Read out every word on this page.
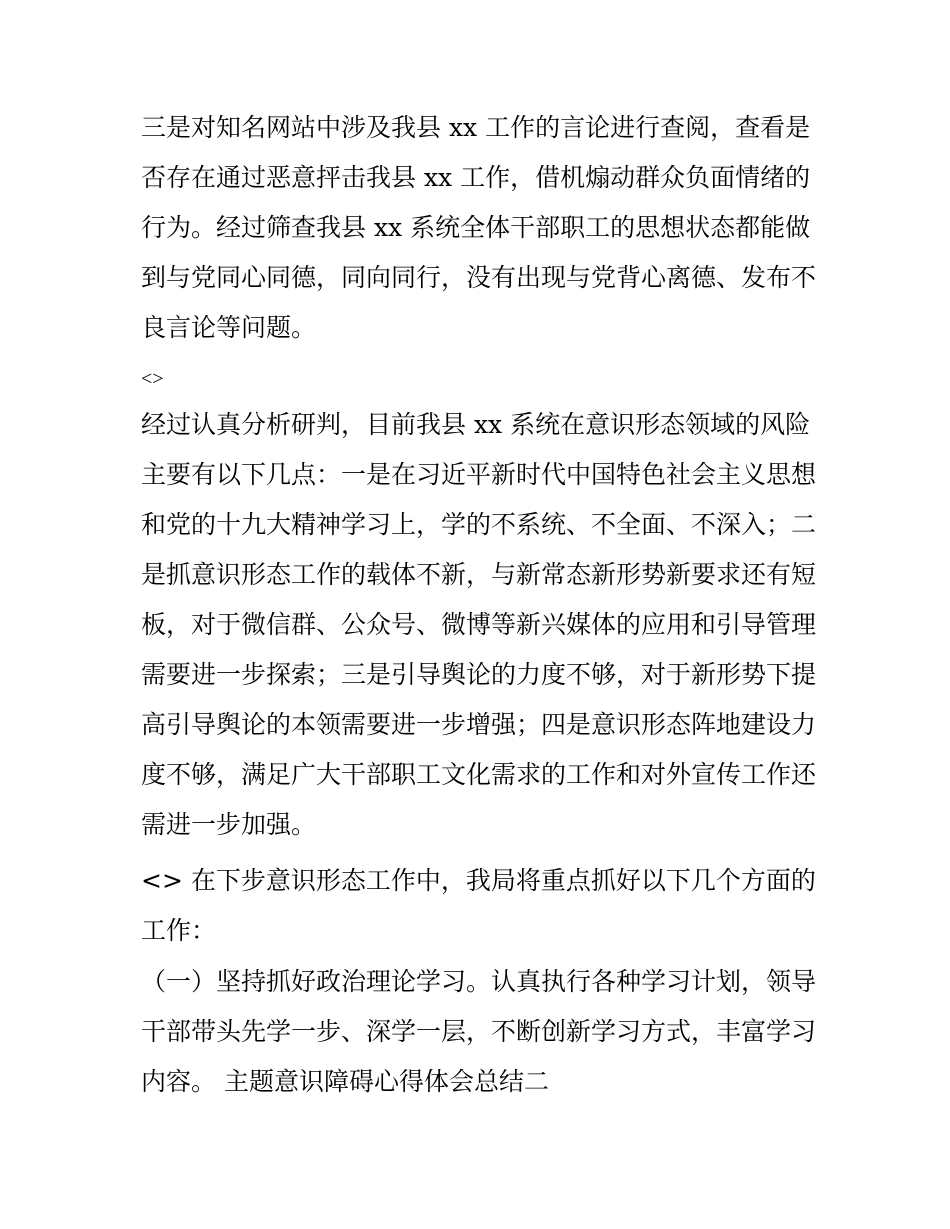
三是对知名网站中涉及我县 xx 工作的言论进行查阅，查看是
否存在通过恶意抨击我县 xx 工作，借机煽动群众负面情绪的
行为。经过筛查我县 xx 系统全体干部职工的思想状态都能做
到与党同心同德，同向同行，没有出现与党背心离德、发布不
良言论等问题。
<>
经过认真分析研判，目前我县 xx 系统在意识形态领域的风险
主要有以下几点：一是在习近平新时代中国特色社会主义思想
和党的十九大精神学习上，学的不系统、不全面、不深入；二
是抓意识形态工作的载体不新，与新常态新形势新要求还有短
板，对于微信群、公众号、微博等新兴媒体的应用和引导管理
需要进一步探索；三是引导舆论的力度不够，对于新形势下提
高引导舆论的本领需要进一步增强；四是意识形态阵地建设力
度不够，满足广大干部职工文化需求的工作和对外宣传工作还
需进一步加强。
<> 在下步意识形态工作中，我局将重点抓好以下几个方面的
工作：
（一）坚持抓好政治理论学习。认真执行各种学习计划，领导
干部带头先学一步、深学一层，不断创新学习方式，丰富学习
内容。 主题意识障碍心得体会总结二
